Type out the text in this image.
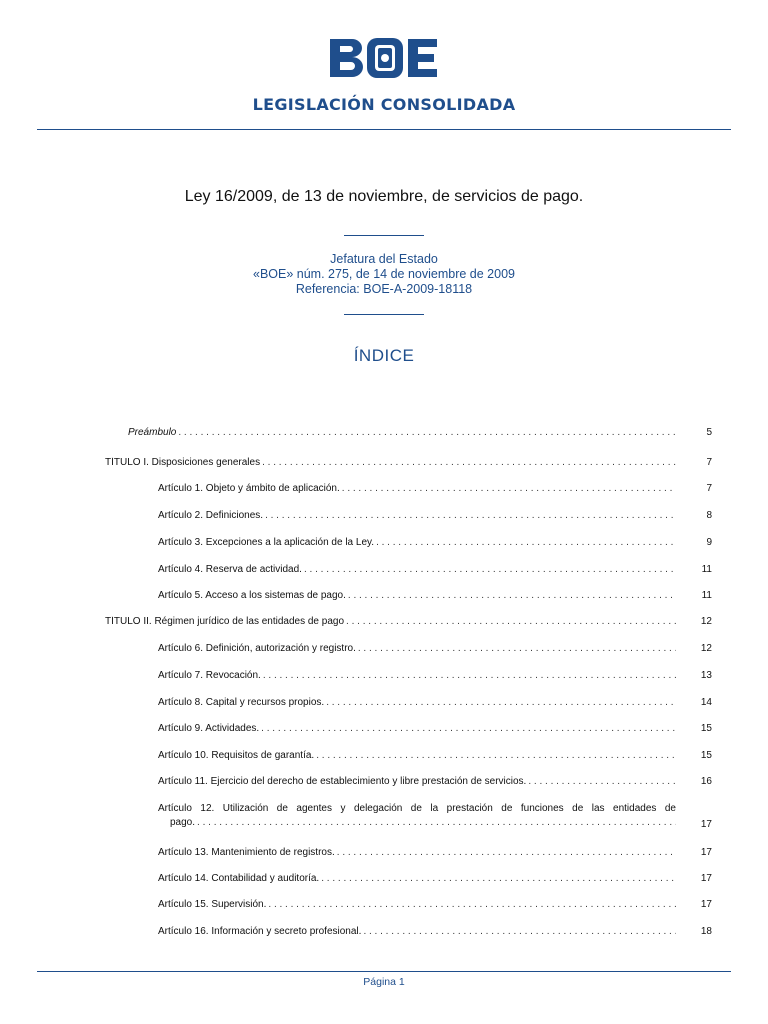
LEGISLACIÓN CONSOLIDADA
Ley 16/2009, de 13 de noviembre, de servicios de pago.
Jefatura del Estado
«BOE» núm. 275, de 14 de noviembre de 2009
Referencia: BOE-A-2009-18118
ÍNDICE
Preámbulo . . .	5
TÍTULO I. Disposiciones generales . . .	7
Artículo 1. Objeto y ámbito de aplicación. . . .	7
Artículo 2. Definiciones. . . .	8
Artículo 3. Excepciones a la aplicación de la Ley. . . .	9
Artículo 4. Reserva de actividad. . . .	11
Artículo 5. Acceso a los sistemas de pago. . . .	11
TÍTULO II. Régimen jurídico de las entidades de pago . . .	12
Artículo 6. Definición, autorización y registro. . . .	12
Artículo 7. Revocación. . . .	13
Artículo 8. Capital y recursos propios. . . .	14
Artículo 9. Actividades. . . .	15
Artículo 10. Requisitos de garantía. . . .	15
Artículo 11. Ejercicio del derecho de establecimiento y libre prestación de servicios. . . .	16
Artículo 12. Utilización de agentes y delegación de la prestación de funciones de las entidades de
pago. . . .	17
Artículo 13. Mantenimiento de registros. . . .	17
Artículo 14. Contabilidad y auditoría. . . .	17
Artículo 15. Supervisión. . . .	17
Artículo 16. Información y secreto profesional. . . .	18
Página 1
